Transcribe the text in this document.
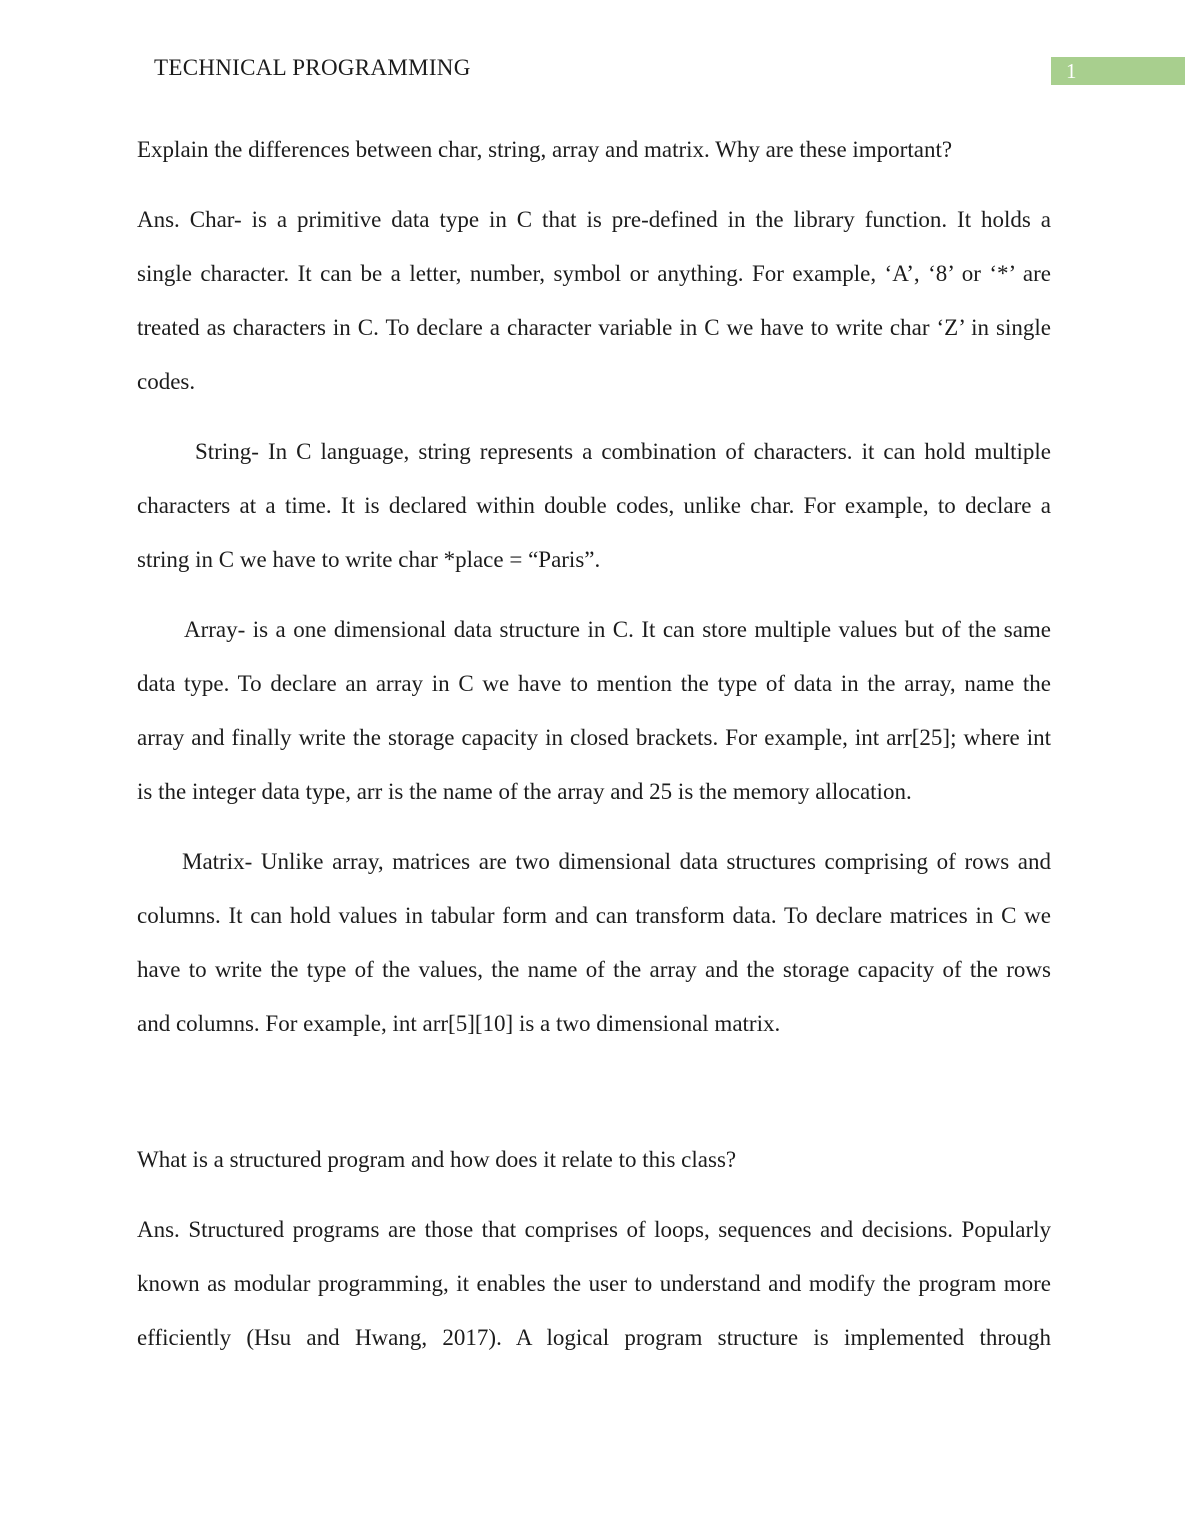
TECHNICAL PROGRAMMING	1
Explain the differences between char, string, array and matrix. Why are these important?
Ans. Char- is a primitive data type in C that is pre-defined in the library function. It holds a
single character. It can be a letter, number, symbol or anything. For example, ‘A’, ‘8’ or ‘*’ are
treated as characters in C. To declare a character variable in C we have to write char ‘Z’ in single
codes.
String- In C language, string represents a combination of characters. it can hold multiple
characters at a time. It is declared within double codes, unlike char. For example, to declare a
string in C we have to write char *place = “Paris”.
Array- is a one dimensional data structure in C. It can store multiple values but of the same
data type. To declare an array in C we have to mention the type of data in the array, name the
array and finally write the storage capacity in closed brackets. For example, int arr[25]; where int
is the integer data type, arr is the name of the array and 25 is the memory allocation.
Matrix- Unlike array, matrices are two dimensional data structures comprising of rows and
columns. It can hold values in tabular form and can transform data. To declare matrices in C we
have to write the type of the values, the name of the array and the storage capacity of the rows
and columns. For example, int arr[5][10] is a two dimensional matrix.
What is a structured program and how does it relate to this class?
Ans. Structured programs are those that comprises of loops, sequences and decisions. Popularly
known as modular programming, it enables the user to understand and modify the program more
efficiently (Hsu and Hwang, 2017). A logical program structure is implemented through
